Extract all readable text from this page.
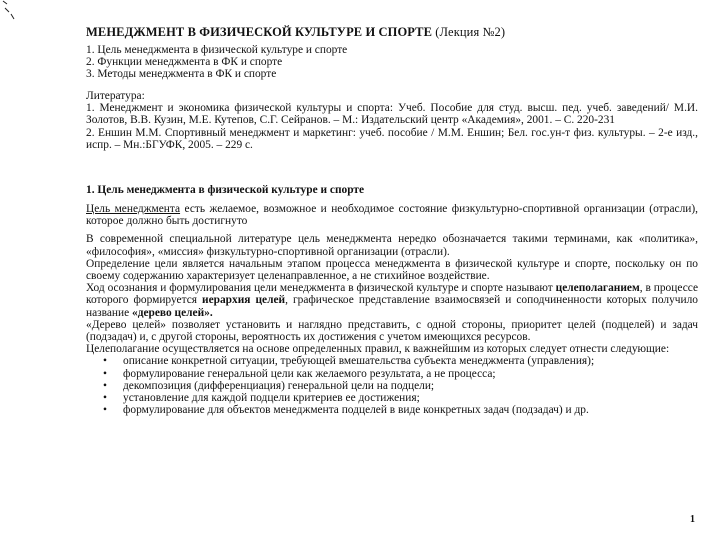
МЕНЕДЖМЕНТ В ФИЗИЧЕСКОЙ КУЛЬТУРЕ И СПОРТЕ (Лекция №2)
1. Цель менеджмента в физической культуре и спорте
2. Функции менеджмента в ФК и спорте
3. Методы менеджмента в ФК и спорте
Литература:
1. Менеджмент и экономика физической культуры и спорта: Учеб. Пособие для студ. высш. пед. учеб. заведений/ М.И. Золотов, В.В. Кузин, М.Е. Кутепов, С.Г. Сейранов. – М.: Издательский центр «Академия», 2001. – С. 220-231
2. Еншин М.М. Спортивный менеджмент и маркетинг: учеб. пособие / М.М. Еншин; Бел. гос.ун-т физ. культуры. – 2-е изд., испр. – Мн.:БГУФК, 2005. – 229 с.
1. Цель менеджмента в физической культуре и спорте

Цель менеджмента есть желаемое, возможное и необходимое состояние физкультурно-спортивной организации (отрасли), которое должно быть достигнуто

В современной специальной литературе цель менеджмента нередко обозначается такими терминами, как «политика», «философия», «миссия» физкультурно-спортивной организации (отрасли).

Определение цели является начальным этапом процесса менеджмента в физической культуре и спорте, поскольку он по своему содержанию характеризует целенаправленное, а не стихийное воздействие.

Ход осознания и формулирования цели менеджмента в физической культуре и спорте называют целеполаганием, в процессе которого формируется иерархия целей, графическое представление взаимосвязей и соподчиненности которых получило название «дерево целей».

«Дерево целей» позволяет установить и наглядно представить, с одной стороны, приоритет целей (подцелей) и задач (подзадач) и, с другой стороны, вероятность их достижения с учетом имеющихся ресурсов.

Целеполагание осуществляется на основе определенных правил, к важнейшим из которых следует отнести следующие:

• описание конкретной ситуации, требующей вмешательства субъекта менеджмента (управления);
• формулирование генеральной цели как желаемого результата, а не процесса;
• декомпозиция (дифференциация) генеральной цели на подцели;
• установление для каждой подцели критериев ее достижения;
• формулирование для объектов менеджмента подцелей в виде конкретных задач (подзадач) и др.
1
